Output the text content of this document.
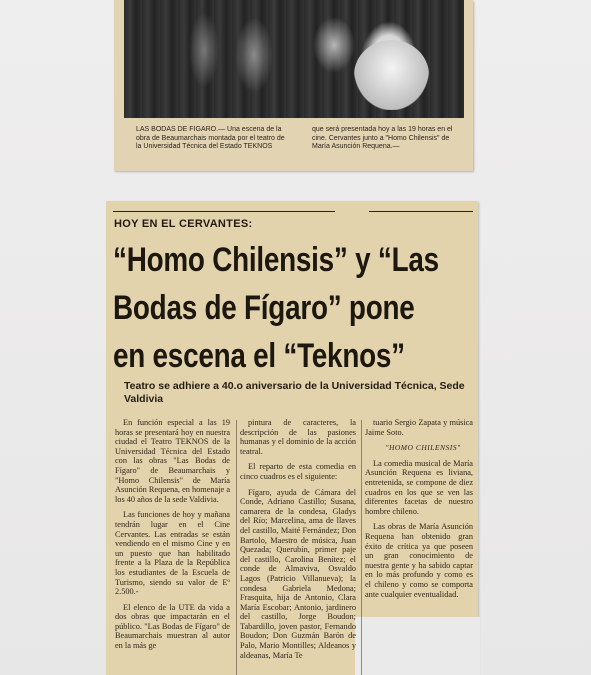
LAS BODAS DE FIGARO.— Una escena de la obra de Beaumarchais montada por el teatro de la Universidad Técnica del Estado TEKNOS
que será presentada hoy a las 19 horas en el cine. Cervantes junto a "Homo Chilensis" de María Asunción Requena.—
HOY EN EL CERVANTES:
“Homo Chilensis” y “Las
Bodas de Fígaro” pone
en escena el “Teknos”
Teatro se adhiere a 40.o aniversario de la Universidad Técnica, Sede Valdivia

En función especial a las 19 horas se presentará hoy en nuestra ciudad el Teatro TEKNOS de la Universidad Técnica del Estado con las obras "Las Bodas de Fígaro" de Beaumarchais y "Homo Chilensis" de María Asunción Requena, en homenaje a los 40 años de la sede Valdivia.

Las funciones de hoy y mañana tendrán lugar en el Cine Cervantes. Las entradas se están vendiendo en el mismo Cine y en un puesto que han habilitado frente a la Plaza de la República los estudiantes de la Escuela de Turismo, siendo su valor de Eº 2.500.-

El elenco de la UTE da vida a dos obras que impactarán en el público. "Las Bodas de Fígaro" de Beaumarchais muestran al autor en la más ge

pintura de caracteres, la descripción de las pasiones humanas y el dominio de la acción teatral.

El reparto de esta comedia en cinco cuadros es el siguiente:

Fígaro, ayuda de Cámara del Conde, Adriano Castillo; Susana, camarera de la condesa, Gladys del Río; Marcelina, ama de llaves del castillo, Maité Fernández; Don Bartolo, Maestro de música, Juan Quezada; Querubín, primer paje del castillo, Carolina Benítez; el conde de Almaviva, Osvaldo Lagos (Patricio Villanueva); la condesa Gabriela Medona; Frasquita, hija de Antonio, Clara María Escobar; Antonio, jardinero del castillo, Jorge Boudon; Tabardillo, joven pastor, Fernando Boudon; Don Guzmán Barón de Palo, Mario Montilles; Aldeanos y aldeanas, María Te

tuario Sergio Zapata y música Jaime Soto.

"HOMO CHILENSIS"

La comedia musical de María Asunción Requena es liviana, entretenida, se compone de diez cuadros en los que se ven las diferentes facetas de nuestro hombre chileno.

Las obras de María Asunción Requena han obtenido gran éxito de crítica ya que poseen un gran conocimiento de nuestra gente y ha sabido captar en lo más profundo y como es el chileno y como se comporta ante cualquier eventualidad.
